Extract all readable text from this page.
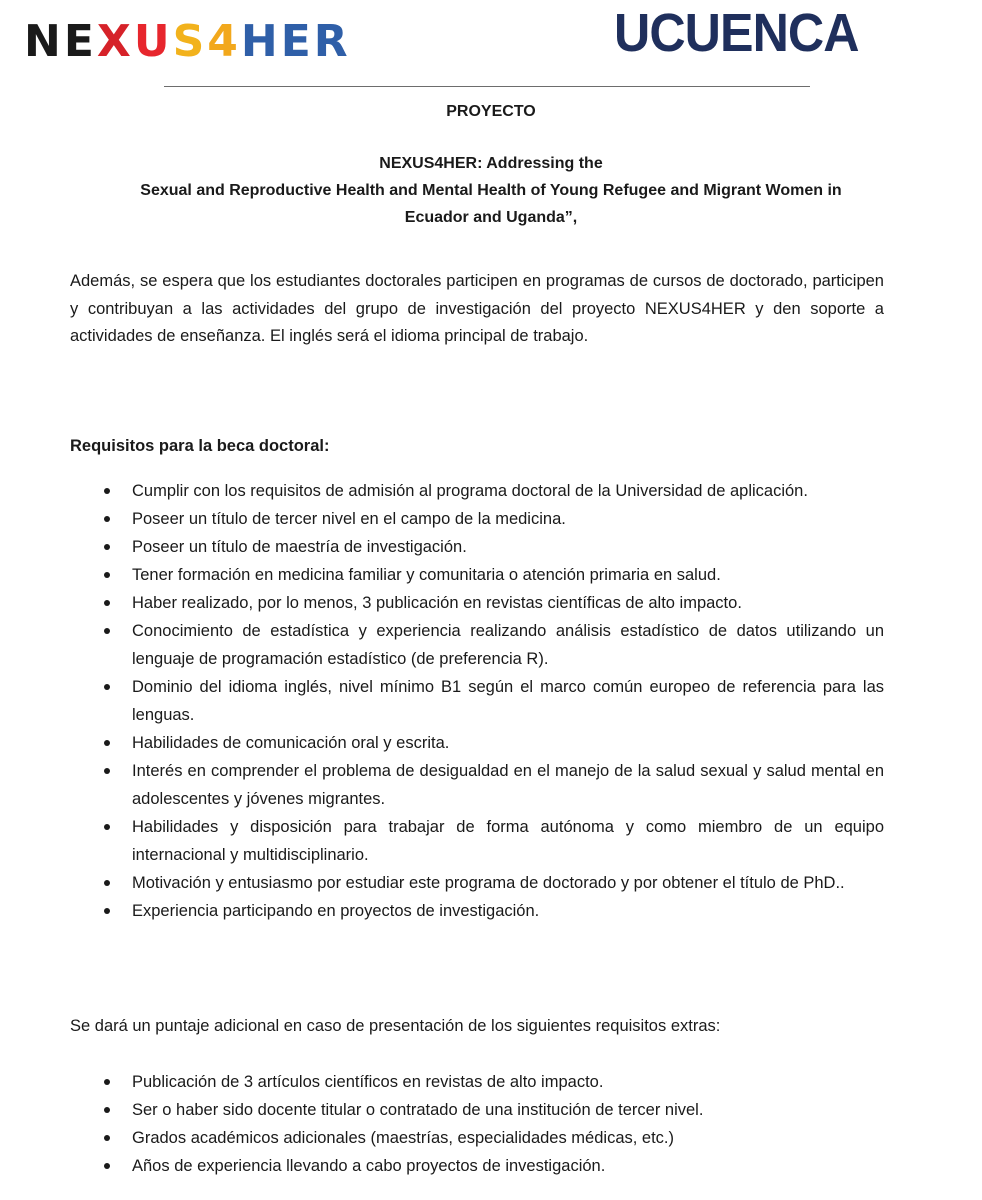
NEXUS4HER	UCUENCA

PROYECTO

NEXUS4HER: Addressing the
Sexual and Reproductive Health and Mental Health of Young Refugee and Migrant Women in
Ecuador and Uganda”,

Además, se espera que los estudiantes doctorales participen en programas de cursos de doctorado, participen y contribuyan a las actividades del grupo de investigación del proyecto NEXUS4HER y den soporte a actividades de enseñanza. El inglés será el idioma principal de trabajo.

Requisitos para la beca doctoral:

Cumplir con los requisitos de admisión al programa doctoral de la Universidad de aplicación.
Poseer un título de tercer nivel en el campo de la medicina.
Poseer un título de maestría de investigación.
Tener formación en medicina familiar y comunitaria o atención primaria en salud.
Haber realizado, por lo menos, 3 publicación en revistas científicas de alto impacto.
Conocimiento de estadística y experiencia realizando análisis estadístico de datos utilizando un lenguaje de programación estadístico (de preferencia R).
Dominio del idioma inglés, nivel mínimo B1 según el marco común europeo de referencia para las lenguas.
Habilidades de comunicación oral y escrita.
Interés en comprender el problema de desigualdad en el manejo de la salud sexual y salud mental en adolescentes y jóvenes migrantes.
Habilidades y disposición para trabajar de forma autónoma y como miembro de un equipo internacional y multidisciplinario.
Motivación y entusiasmo por estudiar este programa de doctorado y por obtener el título de PhD..
Experiencia participando en proyectos de investigación.

Se dará un puntaje adicional en caso de presentación de los siguientes requisitos extras:

Publicación de 3 artículos científicos en revistas de alto impacto.
Ser o haber sido docente titular o contratado de una institución de tercer nivel.
Grados académicos adicionales (maestrías, especialidades médicas, etc.)
Años de experiencia llevando a cabo proyectos de investigación.
